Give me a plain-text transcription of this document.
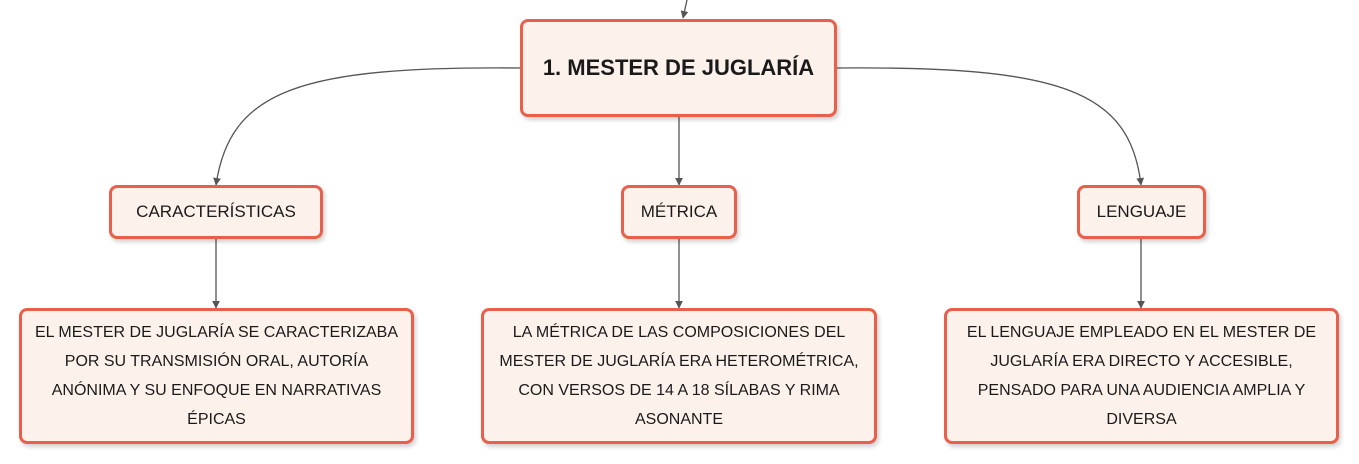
1. MESTER DE JUGLARÍA
CARACTERÍSTICAS	MÉTRICA	LENGUAJE
EL MESTER DE JUGLARÍA SE CARACTERIZABA POR SU TRANSMISIÓN ORAL, AUTORÍA ANÓNIMA Y SU ENFOQUE EN NARRATIVAS ÉPICAS
LA MÉTRICA DE LAS COMPOSICIONES DEL MESTER DE JUGLARÍA ERA HETEROMÉTRICA, CON VERSOS DE 14 A 18 SÍLABAS Y RIMA ASONANTE
EL LENGUAJE EMPLEADO EN EL MESTER DE JUGLARÍA ERA DIRECTO Y ACCESIBLE, PENSADO PARA UNA AUDIENCIA AMPLIA Y DIVERSA
